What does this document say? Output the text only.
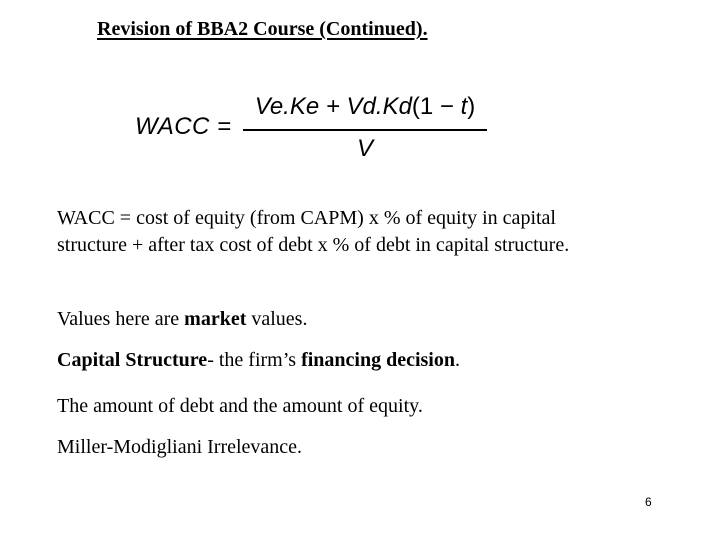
Revision of BBA2 Course (Continued).
WACC =
Ve.Ke + Vd.Kd(1 − t)
V
WACC = cost of equity (from CAPM) x % of equity in capital structure + after tax cost of debt x % of debt in capital structure.
Values here are market values.
Capital Structure- the firm’s financing decision.
The amount of debt and the amount of equity.
Miller-Modigliani Irrelevance.
6
